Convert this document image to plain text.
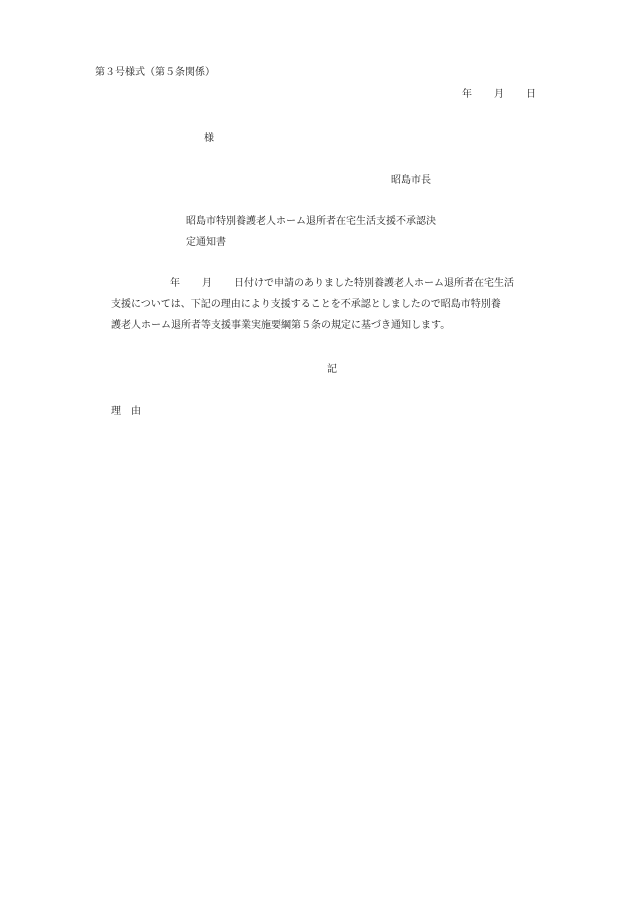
第３号様式（第５条関係）
年 月 日
様
昭島市長
昭島市特別養護老人ホーム退所者在宅生活支援不承認決
定通知書
年 月 日付けで申請のありました特別養護老人ホーム退所者在宅生活
支援については、下記の理由により支援することを不承認としましたので昭島市特別養
護老人ホーム退所者等支援事業実施要綱第５条の規定に基づき通知します。
記
理 由
